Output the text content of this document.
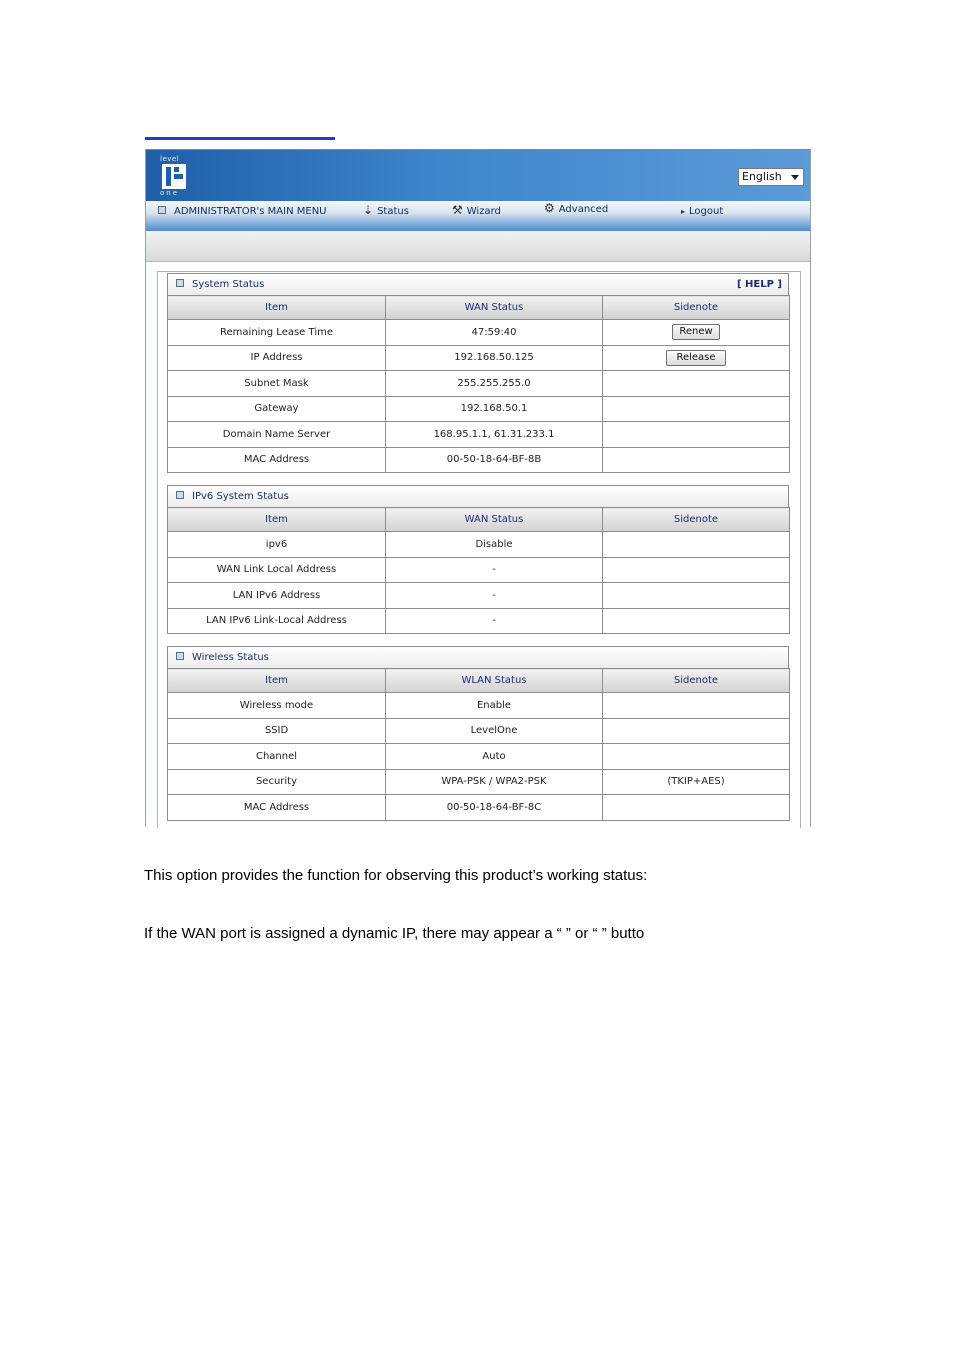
level
one
English
ADMINISTRATOR's MAIN MENU	⇣ Status	⚒ Wizard	⚙ Advanced	▸ Logout
System Status	[ HELP ]
Item	WAN Status	Sidenote
Remaining Lease Time	47:59:40	Renew
IP Address	192.168.50.125	Release
Subnet Mask	255.255.255.0	
Gateway	192.168.50.1	
Domain Name Server	168.95.1.1, 61.31.233.1	
MAC Address	00-50-18-64-BF-8B	
IPv6 System Status
Item	WAN Status	Sidenote
ipv6	Disable	
WAN Link Local Address	-	
LAN IPv6 Address	-	
LAN IPv6 Link-Local Address	-	
Wireless Status
Item	WLAN Status	Sidenote
Wireless mode	Enable	
SSID	LevelOne	
Channel	Auto	
Security	WPA-PSK / WPA2-PSK	(TKIP+AES)
MAC Address	00-50-18-64-BF-8C	
This option provides the function for observing this product’s working status:
If the WAN port is assigned a dynamic IP, there may appear a “ ” or “ ” butto
